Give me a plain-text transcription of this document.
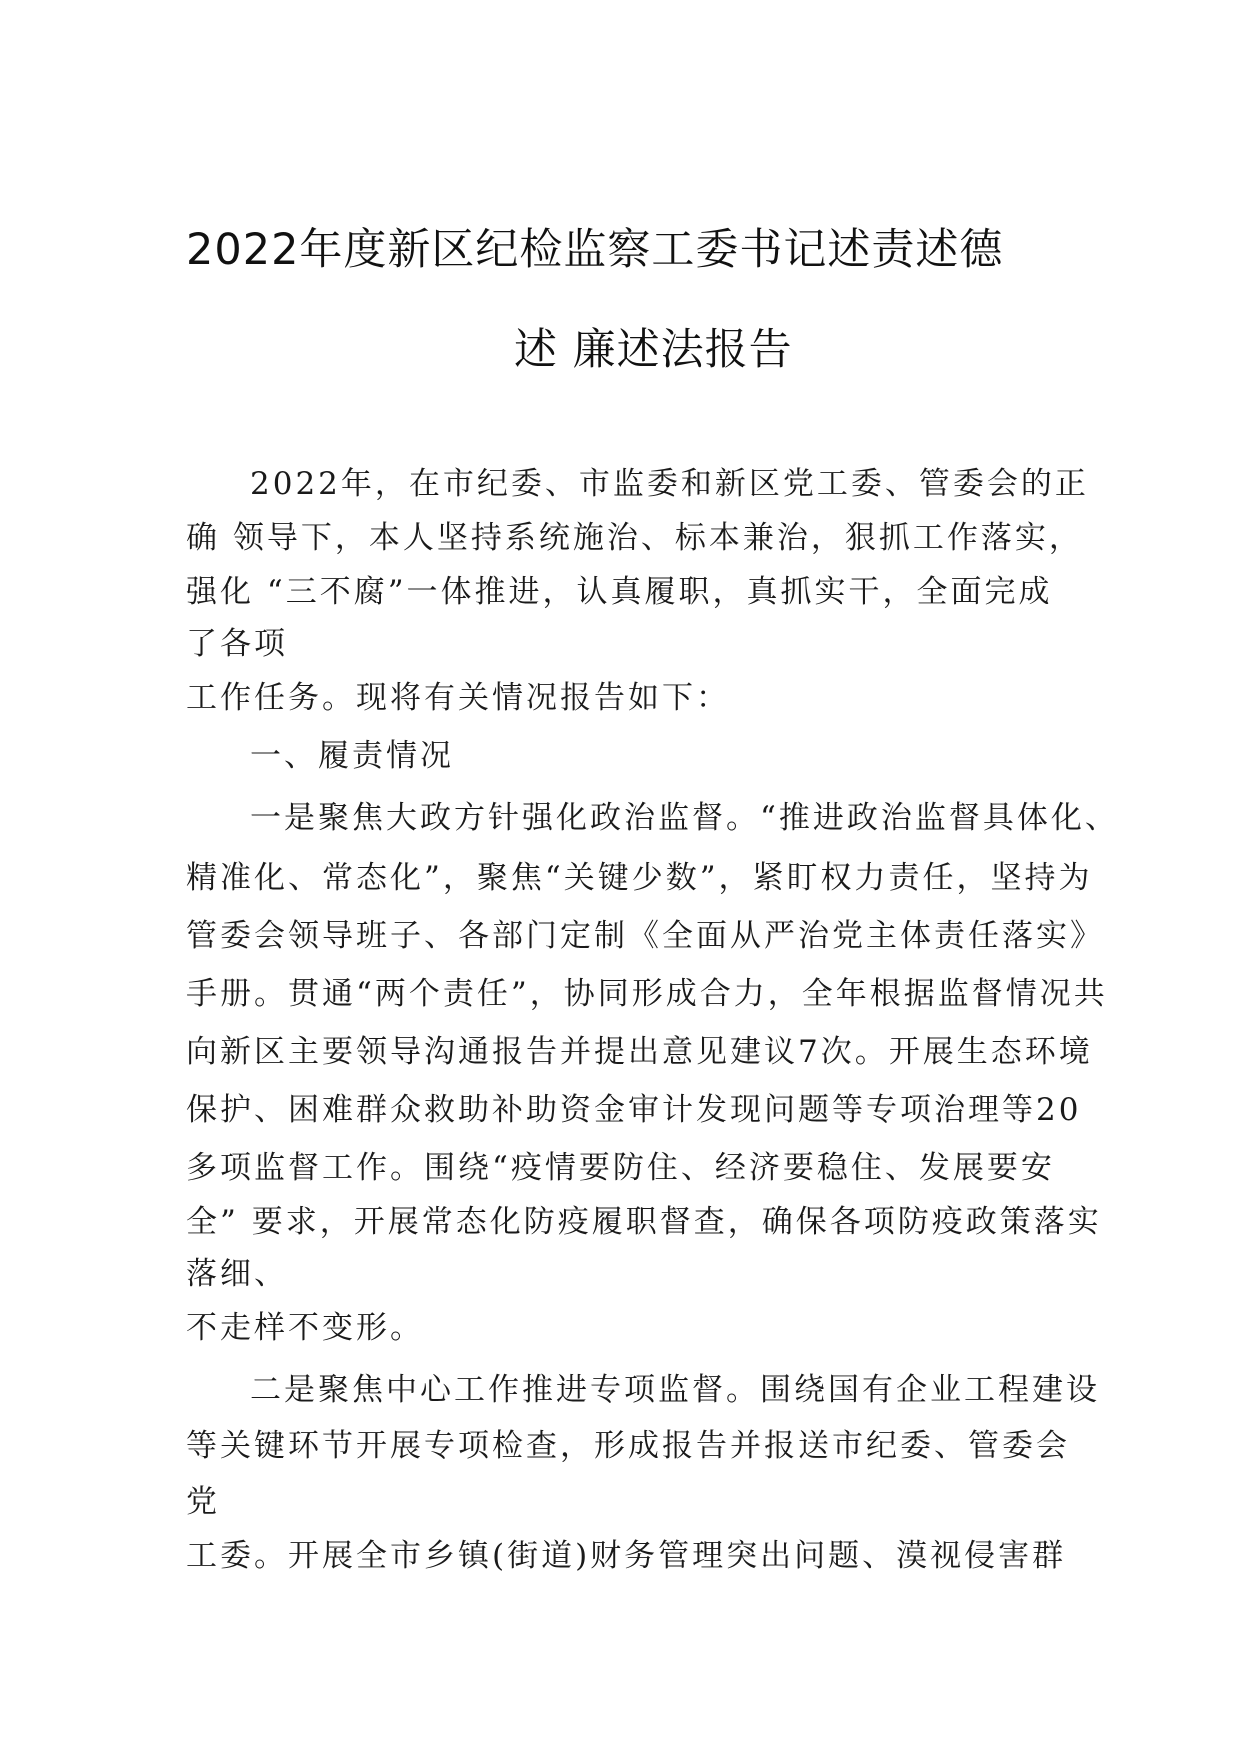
2022年度新区纪检监察工委书记述责述德
述 廉述法报告
2022年，在市纪委、市监委和新区党工委、管委会的正
确 领导下，本人坚持系统施治、标本兼治，狠抓工作落实，
强化 “三不腐”一体推进，认真履职，真抓实干，全面完成
了各项
工作任务。现将有关情况报告如下：
一、履责情况
一是聚焦大政方针强化政治监督。“推进政治监督具体化、
精准化、常态化”，聚焦“关键少数”，紧盯权力责任，坚持为
管委会领导班子、各部门定制《全面从严治党主体责任落实》
手册。贯通“两个责任”，协同形成合力，全年根据监督情况共
向新区主要领导沟通报告并提出意见建议7次。开展生态环境
保护、困难群众救助补助资金审计发现问题等专项治理等20
多项监督工作。围绕“疫情要防住、经济要稳住、发展要安
全” 要求，开展常态化防疫履职督查，确保各项防疫政策落实
落细、
不走样不变形。
二是聚焦中心工作推进专项监督。围绕国有企业工程建设
等关键环节开展专项检查，形成报告并报送市纪委、管委会
党
工委。开展全市乡镇(街道)财务管理突出问题、漠视侵害群
